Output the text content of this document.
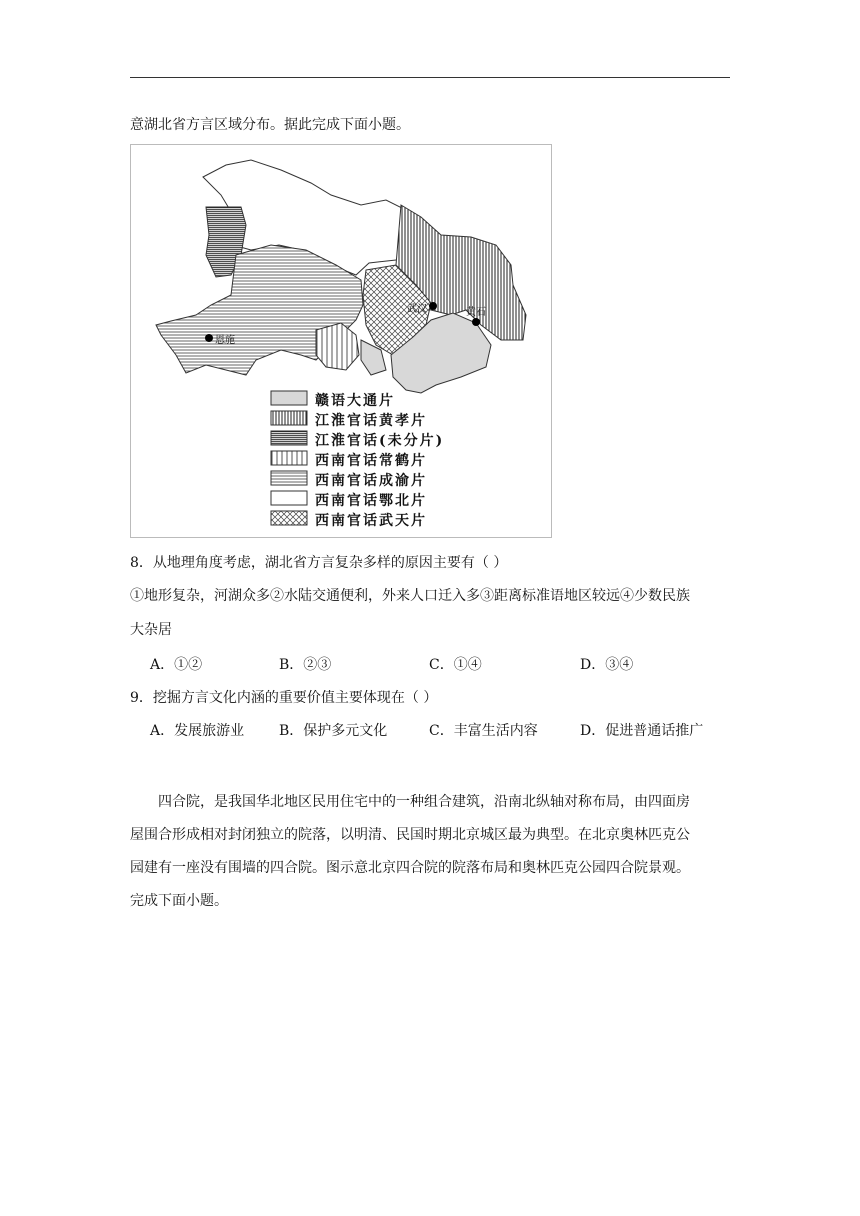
意湖北省方言区域分布。据此完成下面小题。
恩施
武汉	黄石
赣语大通片
江淮官话黄孝片
江淮官话(未分片)
西南官话常鹤片
西南官话成渝片
西南官话鄂北片
西南官话武天片
8．从地理角度考虑，湖北省方言复杂多样的原因主要有（ ）
①地形复杂，河湖众多②水陆交通便利，外来人口迁入多③距离标准语地区较远④少数民族
大杂居
A．①②	B．②③	C．①④	D．③④
9．挖掘方言文化内涵的重要价值主要体现在（ ）
A．发展旅游业 B．保护多元文化	C．丰富生活内容	D．促进普通话推广
四合院，是我国华北地区民用住宅中的一种组合建筑，沿南北纵轴对称布局，由四面房
屋围合形成相对封闭独立的院落，以明清、民国时期北京城区最为典型。在北京奥林匹克公
园建有一座没有围墙的四合院。图示意北京四合院的院落布局和奥林匹克公园四合院景观。
完成下面小题。
